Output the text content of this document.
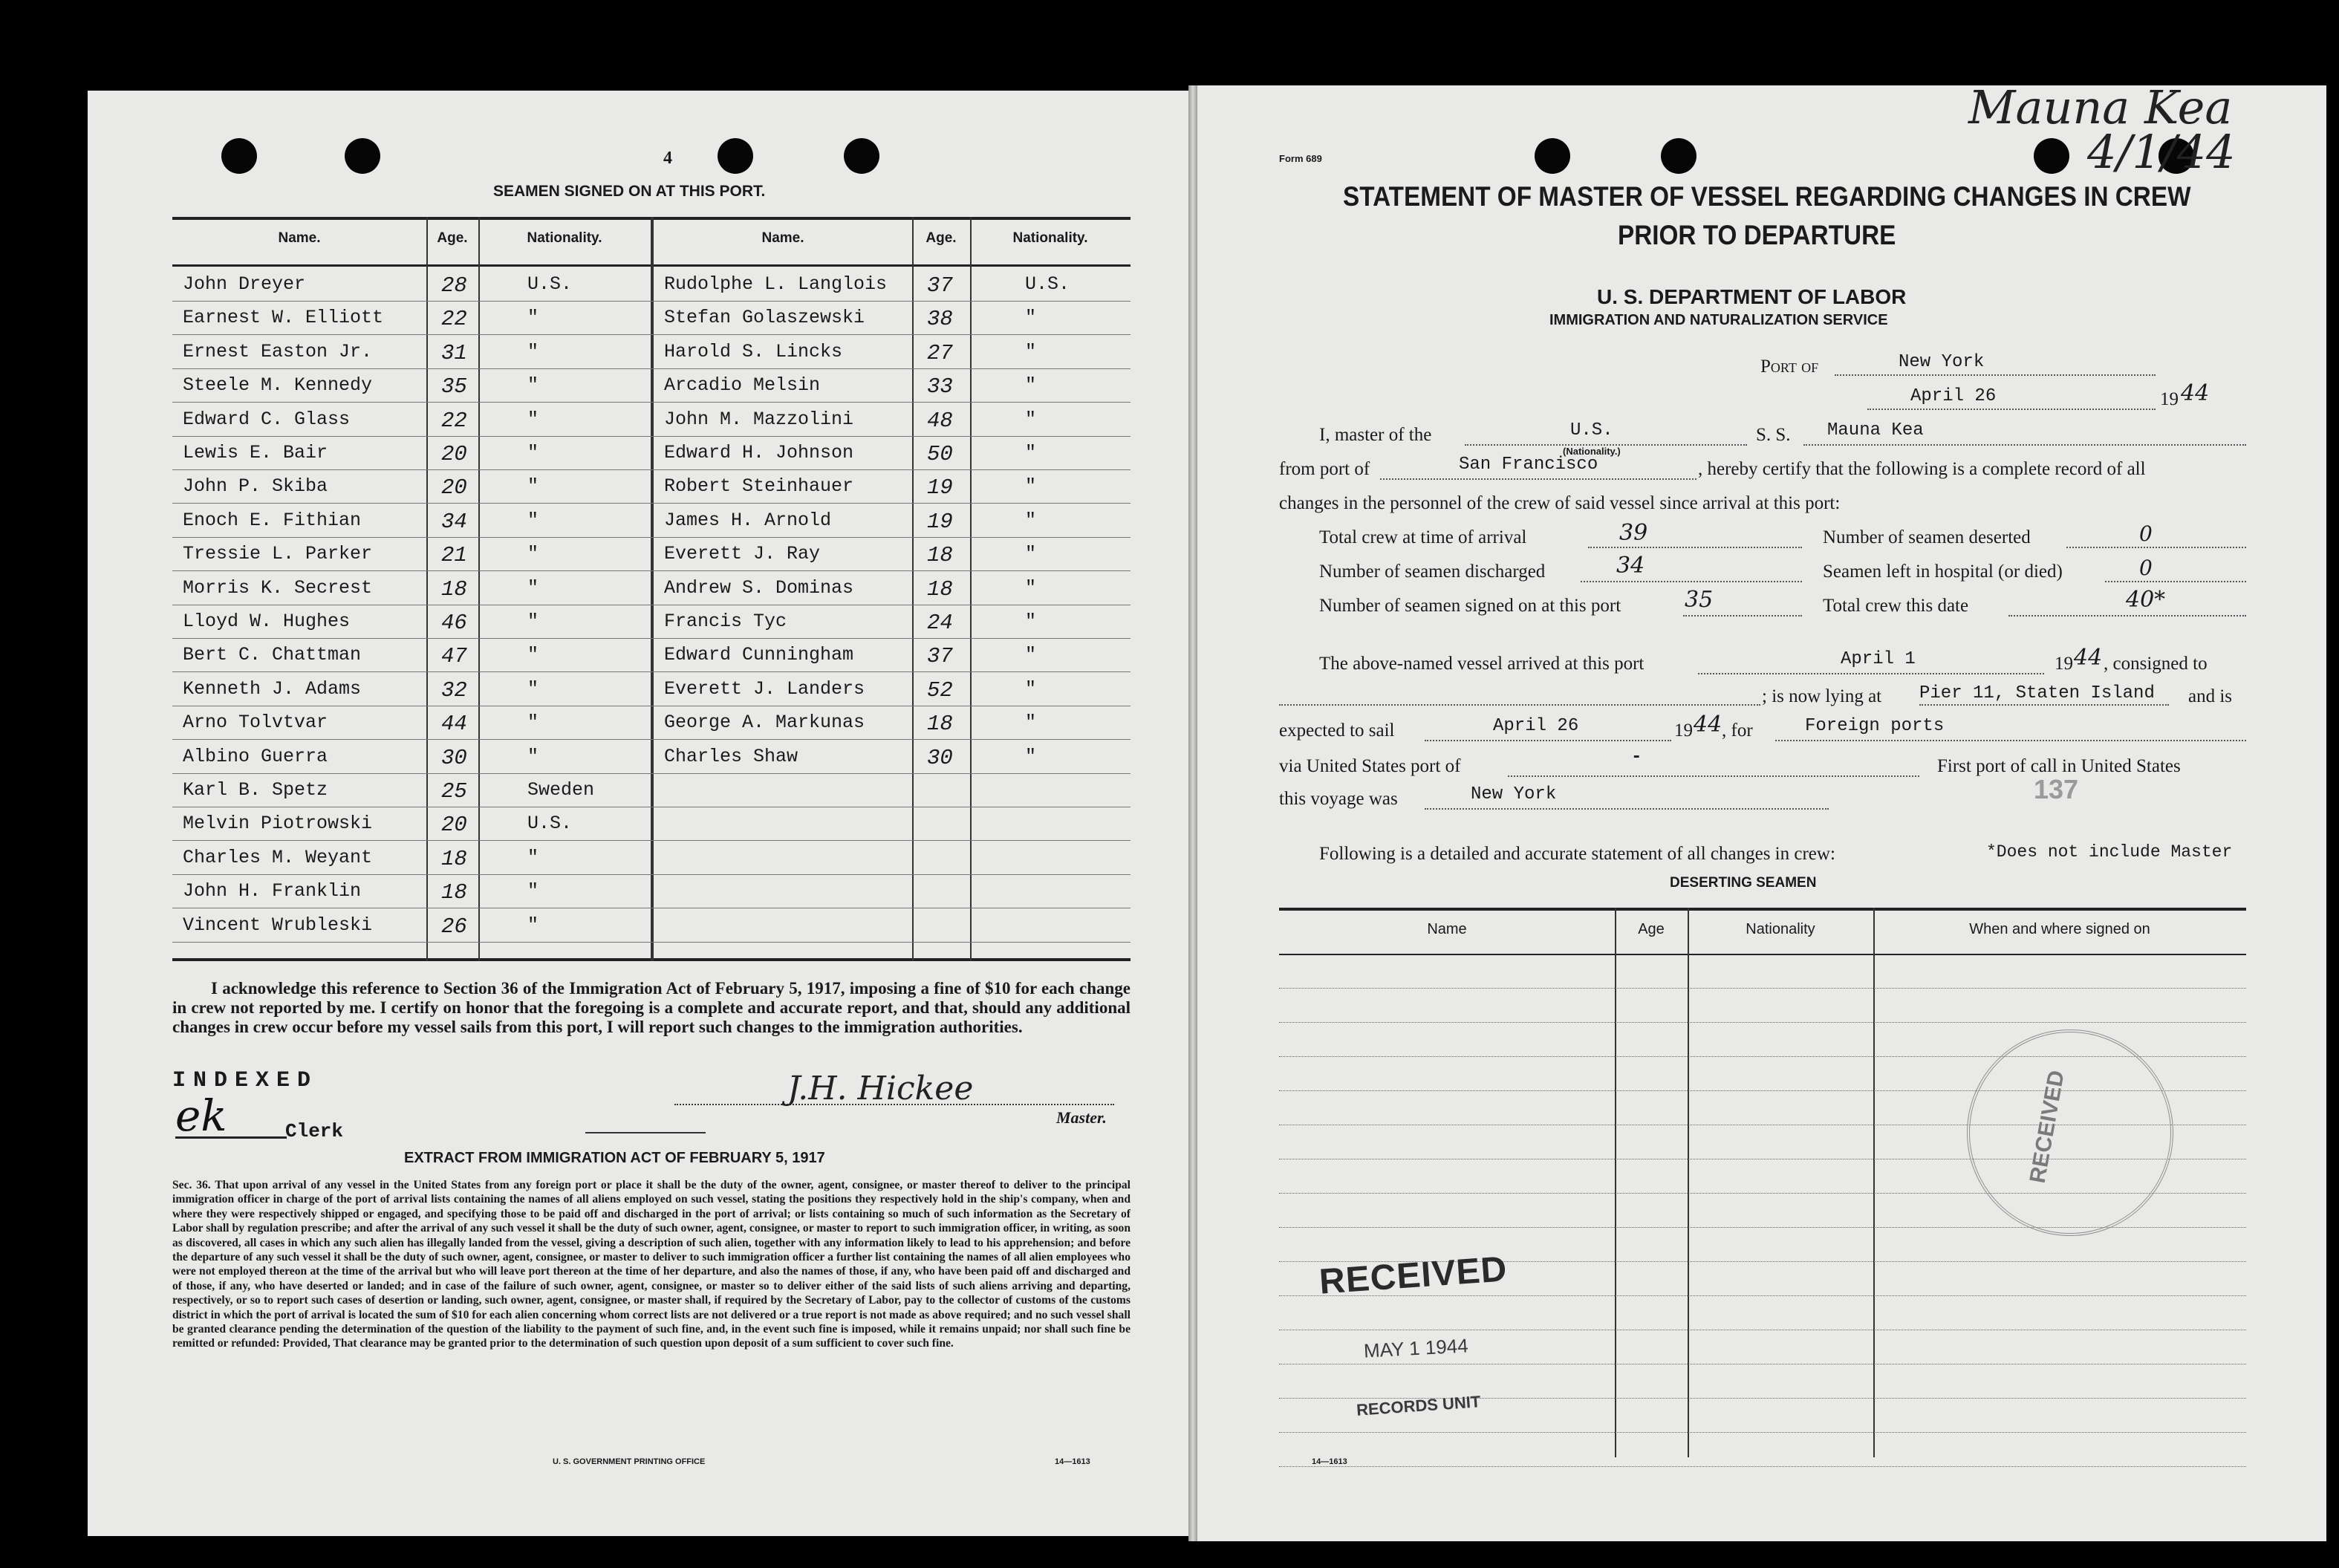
4
SEAMEN SIGNED ON AT THIS PORT.
Name.	Age.	Nationality.	Name.	Age.	Nationality.
John Dreyer	28	U.S.	Rudolphe L. Langlois 37	U.S.
Earnest W. Elliott	22	"	Stefan Golaszewski	38	"
Ernest Easton Jr.	31	"	Harold S. Lincks	27	"
Steele M. Kennedy	35	"	Arcadio Melsin	33	"
Edward C. Glass	22	"	John M. Mazzolini	48	"
Lewis E. Bair	20	"	Edward H. Johnson	50	"
John P. Skiba	20	"	Robert Steinhauer	19	"
Enoch E. Fithian	34	"	James H. Arnold	19	"
Tressie L. Parker	21	"	Everett J. Ray	18	"
Morris K. Secrest	18	"	Andrew S. Dominas	18	"
Lloyd W. Hughes	46	"	Francis Tyc	24	"
Bert C. Chattman	47	"	Edward Cunningham	37	"
Kenneth J. Adams	32	"	Everett J. Landers	52	"
Arno Tolvtvar	44	"	George A. Markunas	18	"
Albino Guerra	30	"	Charles Shaw	30	"
Karl B. Spetz	25	Sweden
Melvin Piotrowski	20	U.S.
Charles M. Weyant	18	"
John H. Franklin	18	"
Vincent Wrubleski	26	"
I acknowledge this reference to Section 36 of the Immigration Act of February 5, 1917, imposing a fine of $10 for each change in crew not reported by me. I certify on honor that the foregoing is a complete and accurate report, and that, should any additional changes in crew occur before my vessel sails from this port, I will report such changes to the immigration authorities.
INDEXED
ek	Clerk
J.H. Hickee
Master.
EXTRACT FROM IMMIGRATION ACT OF FEBRUARY 5, 1917
Sec. 36. That upon arrival of any vessel in the United States from any foreign port or place it shall be the duty of the owner, agent, consignee, or master thereof to deliver to the principal immigration officer in charge of the port of arrival lists containing the names of all aliens employed on such vessel, stating the positions they respectively hold in the ship's company, when and where they were respectively shipped or engaged, and specifying those to be paid off and discharged in the port of arrival; or lists containing so much of such information as the Secretary of Labor shall by regulation prescribe; and after the arrival of any such vessel it shall be the duty of such owner, agent, consignee, or master to report to such immigration officer, in writing, as soon as discovered, all cases in which any such alien has illegally landed from the vessel, giving a description of such alien, together with any information likely to lead to his apprehension; and before the departure of any such vessel it shall be the duty of such owner, agent, consignee, or master to deliver to such immigration officer a further list containing the names of all alien employees who were not employed thereon at the time of the arrival but who will leave port thereon at the time of her departure, and also the names of those, if any, who have been paid off and discharged and of those, if any, who have deserted or landed; and in case of the failure of such owner, agent, consignee, or master so to deliver either of the said lists of such aliens arriving and departing, respectively, or so to report such cases of desertion or landing, such owner, agent, consignee, or master shall, if required by the Secretary of Labor, pay to the collector of customs of the customs district in which the port of arrival is located the sum of $10 for each alien concerning whom correct lists are not delivered or a true report is not made as above required; and no such vessel shall be granted clearance pending the determination of the question of the liability to the payment of such fine, and, in the event such fine is imposed, while it remains unpaid; nor shall such fine be remitted or refunded: Provided, That clearance may be granted prior to the determination of such question upon deposit of a sum sufficient to cover such fine.
U. S. GOVERNMENT PRINTING OFFICE	14—1613
Mauna Kea
4/1/44
Form 689
STATEMENT OF MASTER OF VESSEL REGARDING CHANGES IN CREW
PRIOR TO DEPARTURE
U. S. DEPARTMENT OF LABOR
IMMIGRATION AND NATURALIZATION SERVICE
Port of	New York
April 26	19 44
I, master of the	U.S.
(Nationality.)
S. S. Mauna Kea
from port of	San Francisco	, hereby certify that the following is a complete record of all
changes in the personnel of the crew of said vessel since arrival at this port:
Total crew at time of arrival	39	Number of seamen deserted	0
Number of seamen discharged	34	Seamen left in hospital (or died)	0
Number of seamen signed on at this port	35	Total crew this date	40*
The above-named vessel arrived at this port	April 1	19 44 , consigned to
; is now lying at Pier 11, Staten Island and is
expected to sail	April 26	19 44 , for	Foreign ports
via United States port of	-	First port of call in United States
this voyage was	New York	137
Following is a detailed and accurate statement of all changes in crew:	*Does not include Master
DESERTING SEAMEN
Name	Age	Nationality	When and where signed on
RECEIVED
RECEIVED
MAY 1 1944
RECORDS UNIT
14—1613
